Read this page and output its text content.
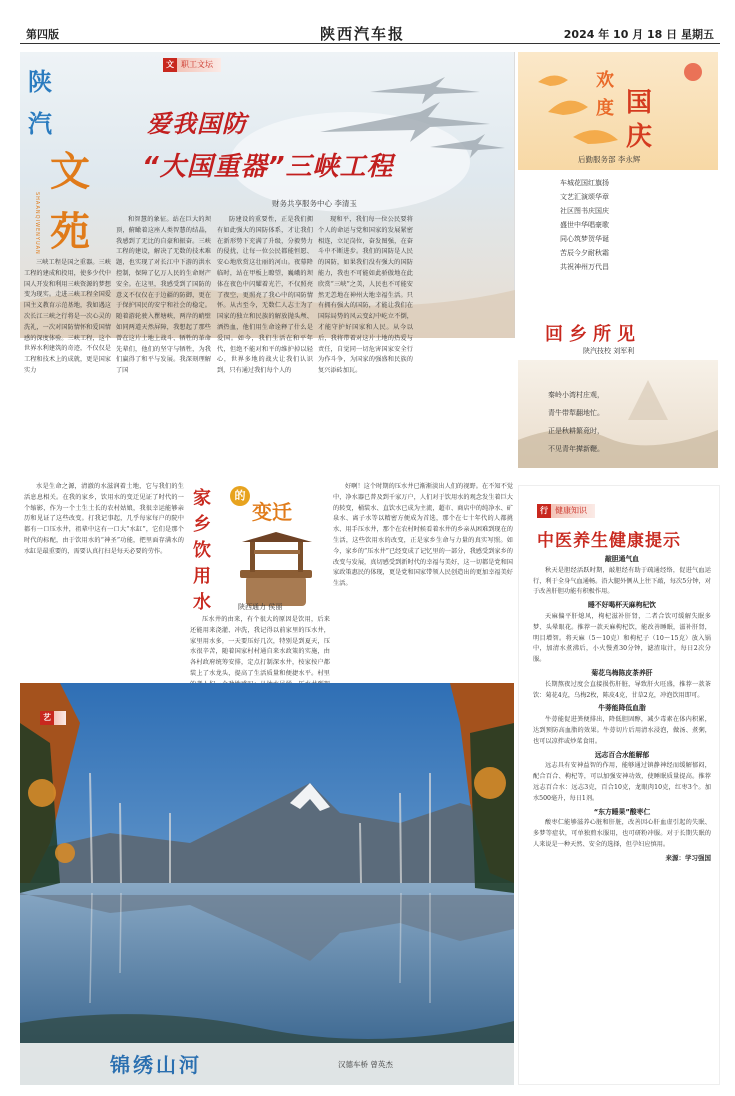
第四版	陕西汽车报	2024 年 10 月 18 日 星期五
陕
汽
文
苑
SHAANQIWENYUAN
文 职工文坛
爱我国防
“大国重器”三峡工程
财务共享服务中心 李清玉

三峡工程是国之重器。三峡工程的建成和投用，使多少代中国人开发和利用三峡资源的梦想变为现实。走进三峡工程全国爱国主义教育示范基地，我如遇这次长江三峡之行将是一次心灵的洗礼，一次对国防情怀和爱国情感的深度体验。三峡工程，这个世界水利建筑的奇迹，不仅仅是工程和技术上的成就，更是国家实力

和智慧的象征。站在巨大的坝顶，俯瞰着这座人类智慧的结晶，我感到了无比的自豪和振奋。三峡工程的建设，解决了无数的技术难题，也实现了对长江中下游的洪水控制，保障了亿万人民的生命财产安全。在这里，我感受到了国防的意义不仅仅在于边疆的防御，更在于保护国民的安宁和社会的稳定。随着游轮驶入瞿塘峡，两岸的峭壁如同两道天然屏障，我想起了那些曾在这片土地上战斗、牺牲的革命先辈们，他们的坚守与牺牲，为我们赢得了和平与发展。我深刻理解了国

防建设的重要性，正是我们拥有如此强大的国防体系，才让我们在新形势下充满了升级，分毅势力的侵扰，让每一位公民都能恒愿、安心地欣赏这壮丽的河山。夜幕降临时，站在甲板上瞭望，巍峨的坝体在夜色中闪耀着光芒，不仅照亮了夜空，更照亮了我心中的国防情怀。从古至今，无数仁人志士为了国家的独立和民族的解放抛头颅、洒热血，他们用生命诠释了什么是爱国。如今，我们生活在和平年代，但绝不能对和平的维护掉以轻心，世界多地的战火让我们认识到，只有通过我们每个人的

现和平，我们每一位公民要将个人的命运与党和国家的发展紧密相连，立足岗位，奋发图强，在奋斗中不断进步。我们的国防是人民的国防，如果我们没有强大的国防能力，我也不可能如此骄傲地在此欣赏“三峡”之美，人民也不可能安然无恙地在神州大地幸福生活。只有拥有强大的国防，才能让我们在国际局势的风云变幻中屹立不倒，才能守护好国家和人民。从今以后，我将带着对这片土地的热爱与责任，自觉同一切危害国家安全行为作斗争，为国家的强盛和民族的复兴添砖加瓦。

欢
度 国
庆
后勤服务部 李永辉
车城花国红旗扬
文艺汇演颂华章
社区图书庆国庆
盛世中华唱豪歌
同心筑梦贺华诞
苦辰今夕耐秋霜
共祝神州万代昌
回乡所见
陕汽技校 刘军利
秦岭小湾村庄观，
青牛带犁翻地忙。
正是秋耕繁竟时，
不见青年撵新鞭。

水是生命之源，清澈的水滋润着土地，它与我们的生活息息相关。在我的家乡，饮用水的变迁见证了时代的一个缩影，作为一个土生土长的农村姑娘，我很幸运能够亲历和见证了这些改变。打我记事起，几乎每家每户的院中都有一口压水井，祖辈中这有一口大“水缸”，它们是那个时代的标配，由于饮用水的“神圣”功能，把里面存满水的水缸是最重要的，需要认真打扫是每天必要的劳作。

家
乡
饮
用
水
的
变迁
陕西通力 侯丽

压水井的由来，有个很大的原因是饮用，后来还能用来浇灌、冲洗，我记得以前家里的压水井，家里用水多，一天要压好几次，特别是到夏天，压水很辛苦，随着国家村村通自来水政策的实施，由各村政府统筹安排，定点打制深水井，按家按户都装上了水龙头，提高了生活质量和便捷水平。村里

好啊！这个时期的压水井已渐渐淡出人们的视野。在不知不觉中，净水器已普及到千家万户，人们对于饮用水的观念发生着巨大的转变，桶装水、直饮水已成为主流，超市、商店中的纯净水、矿泉水、离子水等以精密方便成为首选，那个在七十年代的人都挑水、用手压水井，那个在农村时候看着水井的乡亲从困难到现在的生活，这些饮用水的改变，正是家乡生命与力量的真实写照。如今，家乡的“压水井”已经变成了记忆里的一部分，我感受到家乡的改变与发展，真切感受到新时代的幸福与美好，这一切都是党和国家政策惠民的体现，更是党和国家带领人民创造出的更加幸福美好生活。

行 健康知识
中医养生健康提示
敲胆通气血

秋天是胆经活跃时期，敲胆经有助于疏通经络，促进气血运行，利于全身气血通畅。沿大腿外侧从上往下敲，每次5分钟，对于改善肝胆功能有积极作用。

睡不好喝杯天麻枸杞饮

天麻偏平肝熄风，枸杞滋补肝肾，二者合饮可缓解失眠多梦、头晕眼花。推荐一款天麻枸杞饮，能改善睡眠，滋补肝肾，明目增智。将天麻（5～10克）和枸杞子（10～15克）放入锅中，加清水煮沸后，小火慢煮30分钟，滤渣取汁，每日2次分服。

菊花乌梅陈皮茶养肝

长期熬夜过度会直接损伤肝脏，导致肝火旺盛，推荐一款茶饮：菊花4克，乌梅2枚，陈皮4克，甘草2克，冲泡饮用即可。

牛蒡能降低血脂

牛蒡能促进粪便排出，降低胆固醇，减少毒素在体内积累，达到预防高血脂的效果。牛蒡切片后用清水浸泡，做汤、煮粥，也可以凉拌或炒菜食用。

远志百合水能解郁

远志具有安神益智的作用，能够通过镇静神经而缓解郁闷，配合百合、枸杞等，可以加强安神功效，使睡眠质量提高。推荐远志百合水：远志3克，百合10克，龙眼肉10克，红枣3个。加水500毫升，每日1剂。

“东方睡果”酸枣仁

酸枣仁能够滋养心脏和肝脏，改善因心肝血虚引起的失眠、多梦等症状，可单独煎水服用，也可研粉冲服。对于长期失眠的人来说是一种天然、安全的选择，但孕妇应慎用。

来源：学习强国
艺
锦绣山河	汉德车桥 曾英杰
